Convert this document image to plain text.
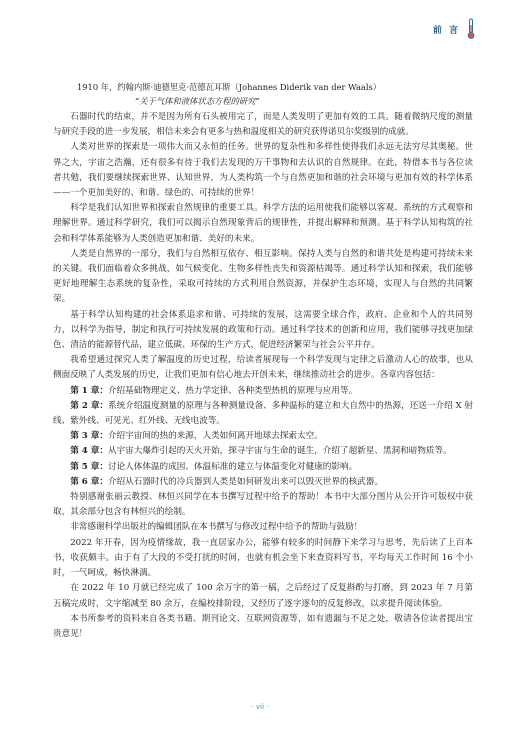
前 言
1910 年，约翰内斯·迪德里克·范德瓦耳斯（Johannes Diderik van der Waals）
“关于气体和液体状态方程的研究”

石器时代的结束，并不是因为所有石头被用完了，而是人类发明了更加有效的工具。随着微纳尺度的测量与研究手段的进一步发展，相信未来会有更多与热和温度相关的研究获得诺贝尔奖级别的成就。

人类对世界的探索是一项伟大而又永恒的任务。世界的复杂性和多样性使得我们永远无法穷尽其奥秘。世界之大，宇宙之浩瀚，还有很多有待于我们去发现的万千事物和去认识的自然规律。在此，特借本书与各位读者共勉，我们要继续探索世界、认知世界，为人类构筑一个与自然更加和谐的社会环境与更加有效的科学体系——一个更加美好的、和谐、绿色的、可持续的世界！

科学是我们认知世界和探索自然规律的重要工具。科学方法的运用使我们能够以客观、系统的方式观察和理解世界。通过科学研究，我们可以揭示自然现象背后的规律性，并提出解释和预测。基于科学认知构筑的社会和科学体系能够为人类创造更加和谐、美好的未来。

人类是自然界的一部分，我们与自然相互依存、相互影响。保持人类与自然的和谐共处是构建可持续未来的关键。我们面临着众多挑战，如气候变化、生物多样性丧失和资源枯竭等。通过科学认知和探索，我们能够更好地理解生态系统的复杂性，采取可持续的方式利用自然资源，并保护生态环境，实现人与自然的共同繁荣。

基于科学认知构建的社会体系追求和谐、可持续的发展，这需要全球合作，政府、企业和个人的共同努力，以科学为指导，制定和执行可持续发展的政策和行动。通过科学技术的创新和应用，我们能够寻找更加绿色、清洁的能源替代品，建立低碳、环保的生产方式，促进经济繁荣与社会公平并存。

我希望通过探究人类了解温度的历史过程，给读者展现每一个科学发现与定律之后激动人心的故事，也从侧面反映了人类发展的历史，让我们更加有信心地去开创未来，继续推动社会的进步。各章内容包括：

第 1 章：介绍基础物理定义、热力学定律、各种类型热机的原理与应用等。

第 2 章：系统介绍温度测量的原理与各种测量设备、多种温标的建立和大自然中的热源，还送一介绍 X 射线、紫外线、可见光、红外线、无线电波等。

第 3 章：介绍宇宙间的热的来源，人类如何离开地球去探索太空。

第 4 章：从宇宙大爆炸引起的天火开始，探寻宇宙与生命的诞生，介绍了超新星、黑洞和暗物质等。

第 5 章：讨论人体体温的成因、体温标准的建立与体温变化对健康的影响。

第 6 章：介绍从石器时代的冷兵器到人类是如何研发出来可以毁灭世界的核武器。

特别感谢张丽云教授、林恒兴同学在本书撰写过程中给予的帮助！本书中大部分图片从公开许可版权中获取，其余部分包含有林恒兴的绘制。

非常感谢科学出版社的编辑团队在本书撰写与修改过程中给予的帮助与鼓励！

2022 年开春，因为疫情缘故，我一直居家办公，能够有较多的时间静下来学习与思考，先后读了上百本书，收获颇丰。由于有了大段的不受打扰的时间，也就有机会坐下来查资料写书，平均每天工作时间 16 个小时，一气呵成，畅快淋漓。

在 2022 年 10 月就已经完成了 100 余万字的第一稿，之后经过了反复斟酌与打磨，到 2023 年 7 月第五稿完成时，文字缩减至 80 余万，在编校排阶段，又经历了逐字逐句的反复修改，以求提升阅读体验。

本书所参考的资料来自各类书籍、期刊论文、互联网资源等，如有遗漏与不足之处，敬请各位读者提出宝贵意见！

· vii ·
